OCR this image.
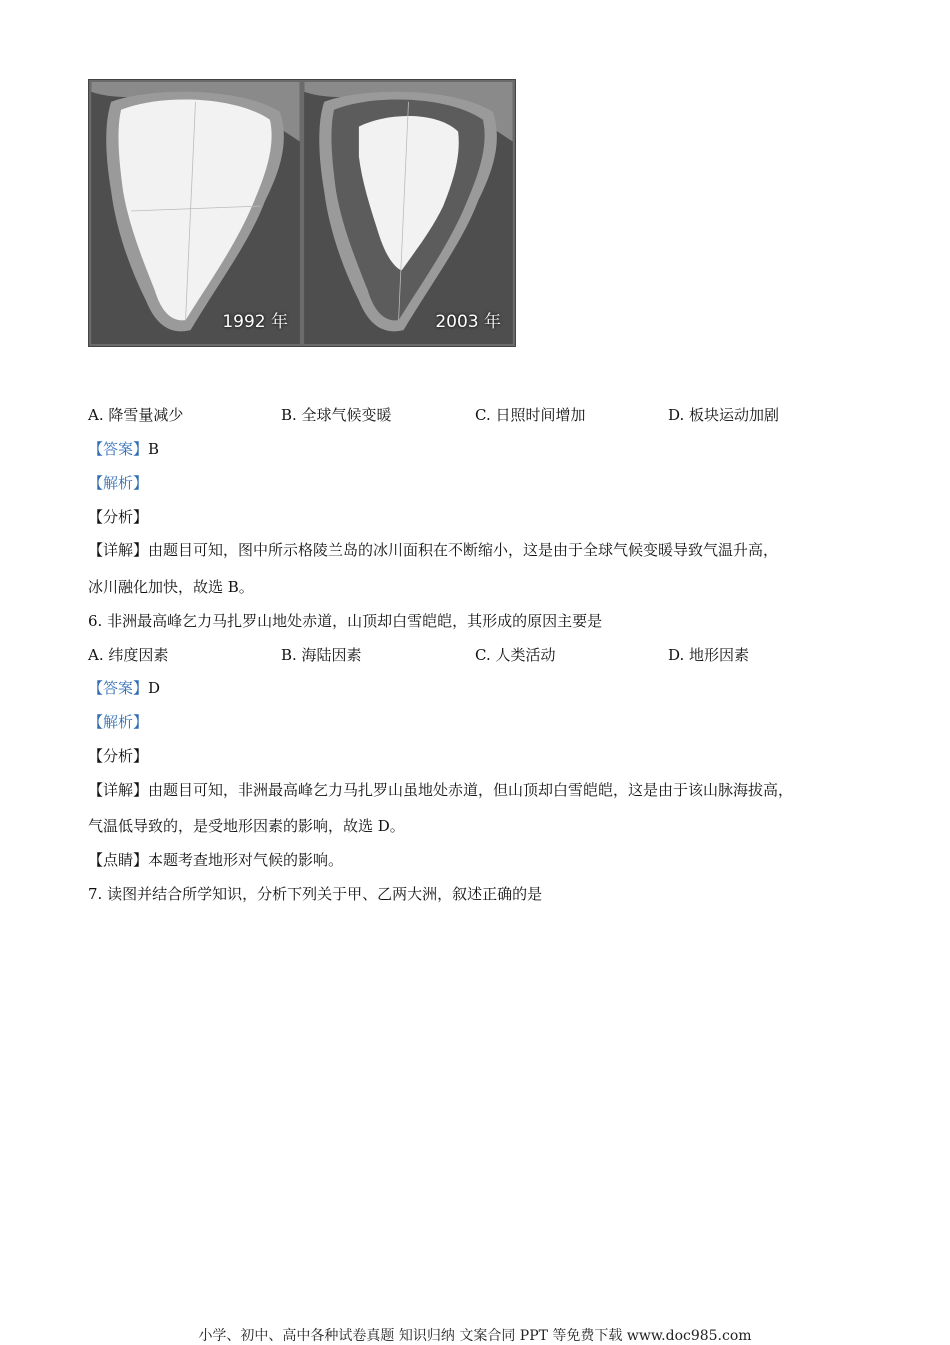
1992 年	2003 年
A. 降雪量减少	B. 全球气候变暖	C. 日照时间增加	D. 板块运动加剧
【答案】B
【解析】
【分析】
【详解】由题目可知，图中所示格陵兰岛的冰川面积在不断缩小，这是由于全球气候变暖导致气温升高，
冰川融化加快，故选 B。
6. 非洲最高峰乞力马扎罗山地处赤道，山顶却白雪皑皑，其形成的原因主要是
A. 纬度因素	B. 海陆因素	C. 人类活动	D. 地形因素
【答案】D
【解析】
【分析】
【详解】由题目可知，非洲最高峰乞力马扎罗山虽地处赤道，但山顶却白雪皑皑，这是由于该山脉海拔高，
气温低导致的，是受地形因素的影响，故选 D。
【点睛】本题考查地形对气候的影响。
7. 读图并结合所学知识，分析下列关于甲、乙两大洲，叙述正确的是
小学、初中、高中各种试卷真题 知识归纳 文案合同 PPT 等免费下载 www.doc985.com
